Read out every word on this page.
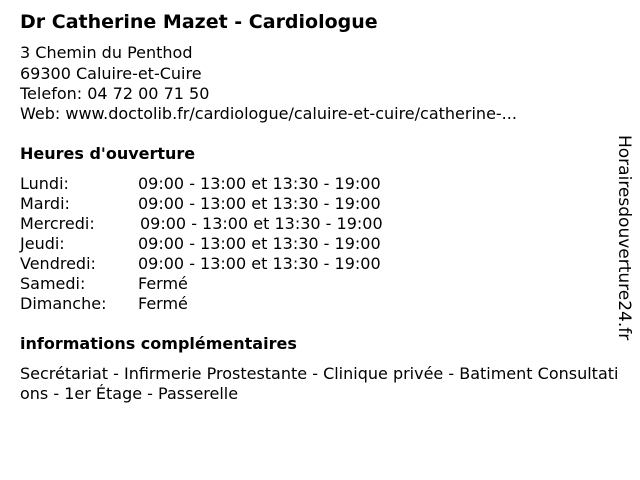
Dr Catherine Mazet - Cardiologue
3 Chemin du Penthod
69300 Caluire-et-Cuire
Telefon: 04 72 00 71 50
Web: www.doctolib.fr/cardiologue/caluire-et-cuire/catherine-...
Heures d'ouverture
Lundi:	09:00 - 13:00 et 13:30 - 19:00
Mardi:	09:00 - 13:00 et 13:30 - 19:00
Mercredi:	09:00 - 13:00 et 13:30 - 19:00
Jeudi:	09:00 - 13:00 et 13:30 - 19:00
Vendredi:	09:00 - 13:00 et 13:30 - 19:00
Samedi:	Fermé
Dimanche: Fermé
informations complémentaires
Secrétariat - Infirmerie Prostestante - Clinique privée - Batiment Consultations - 1er Étage - Passerelle
Horairesdouverture24.fr
